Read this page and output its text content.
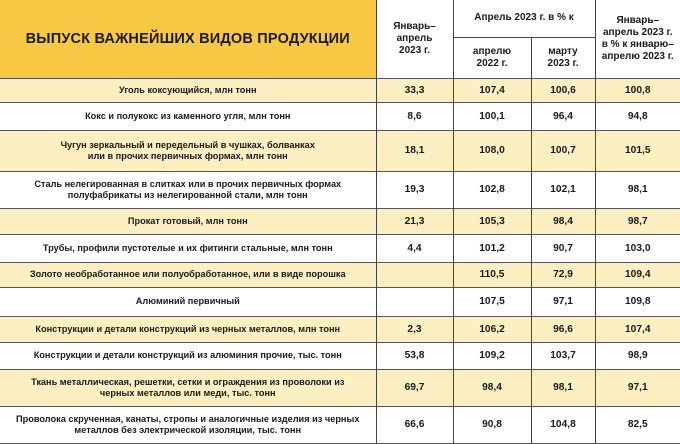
ВЫПУСК ВАЖНЕЙШИХ ВИДОВ ПРОДУКЦИИ	Январь–апрель 2023 г.	Апрель 2023 г. в % к		Январь–апрель 2023 г. в % к январю–апрелю 2023 г.

		апрелю 2022 г.	марту 2023 г.	

Уголь коксующийся, млн тонн	33,3	107,4	100,6	100,8
Кокс и полукокс из каменного угля, млн тонн	8,6	100,1	96,4	94,8
Чугун зеркальный и передельный в чушках, болванках или в прочих первичных формах, млн тонн	18,1	108,0	100,7	101,5
Сталь нелегированная в слитках или в прочих первичных формах полуфабрикаты из нелегированной стали, млн тонн	19,3	102,8	102,1	98,1
Прокат готовый, млн тонн	21,3	105,3	98,4	98,7
Трубы, профили пустотелые и их фитинги стальные, млн тонн	4,4	101,2	90,7	103,0
Золото необработанное или полуобработанное, или в виде порошка		110,5	72,9	109,4
Алюминий первичный		107,5	97,1	109,8
Конструкции и детали конструкций из черных металлов, млн тонн	2,3	106,2	96,6	107,4
Конструкции и детали конструкций из алюминия прочие, тыс. тонн	53,8	109,2	103,7	98,9
Ткань металлическая, решетки, сетки и ограждения из проволоки из черных металлов или меди, тыс. тонн	69,7	98,4	98,1	97,1
Проволока скрученная, канаты, стропы и аналогичные изделия из черных металлов без электрической изоляции, тыс. тонн	66,6	90,8	104,8	82,5
